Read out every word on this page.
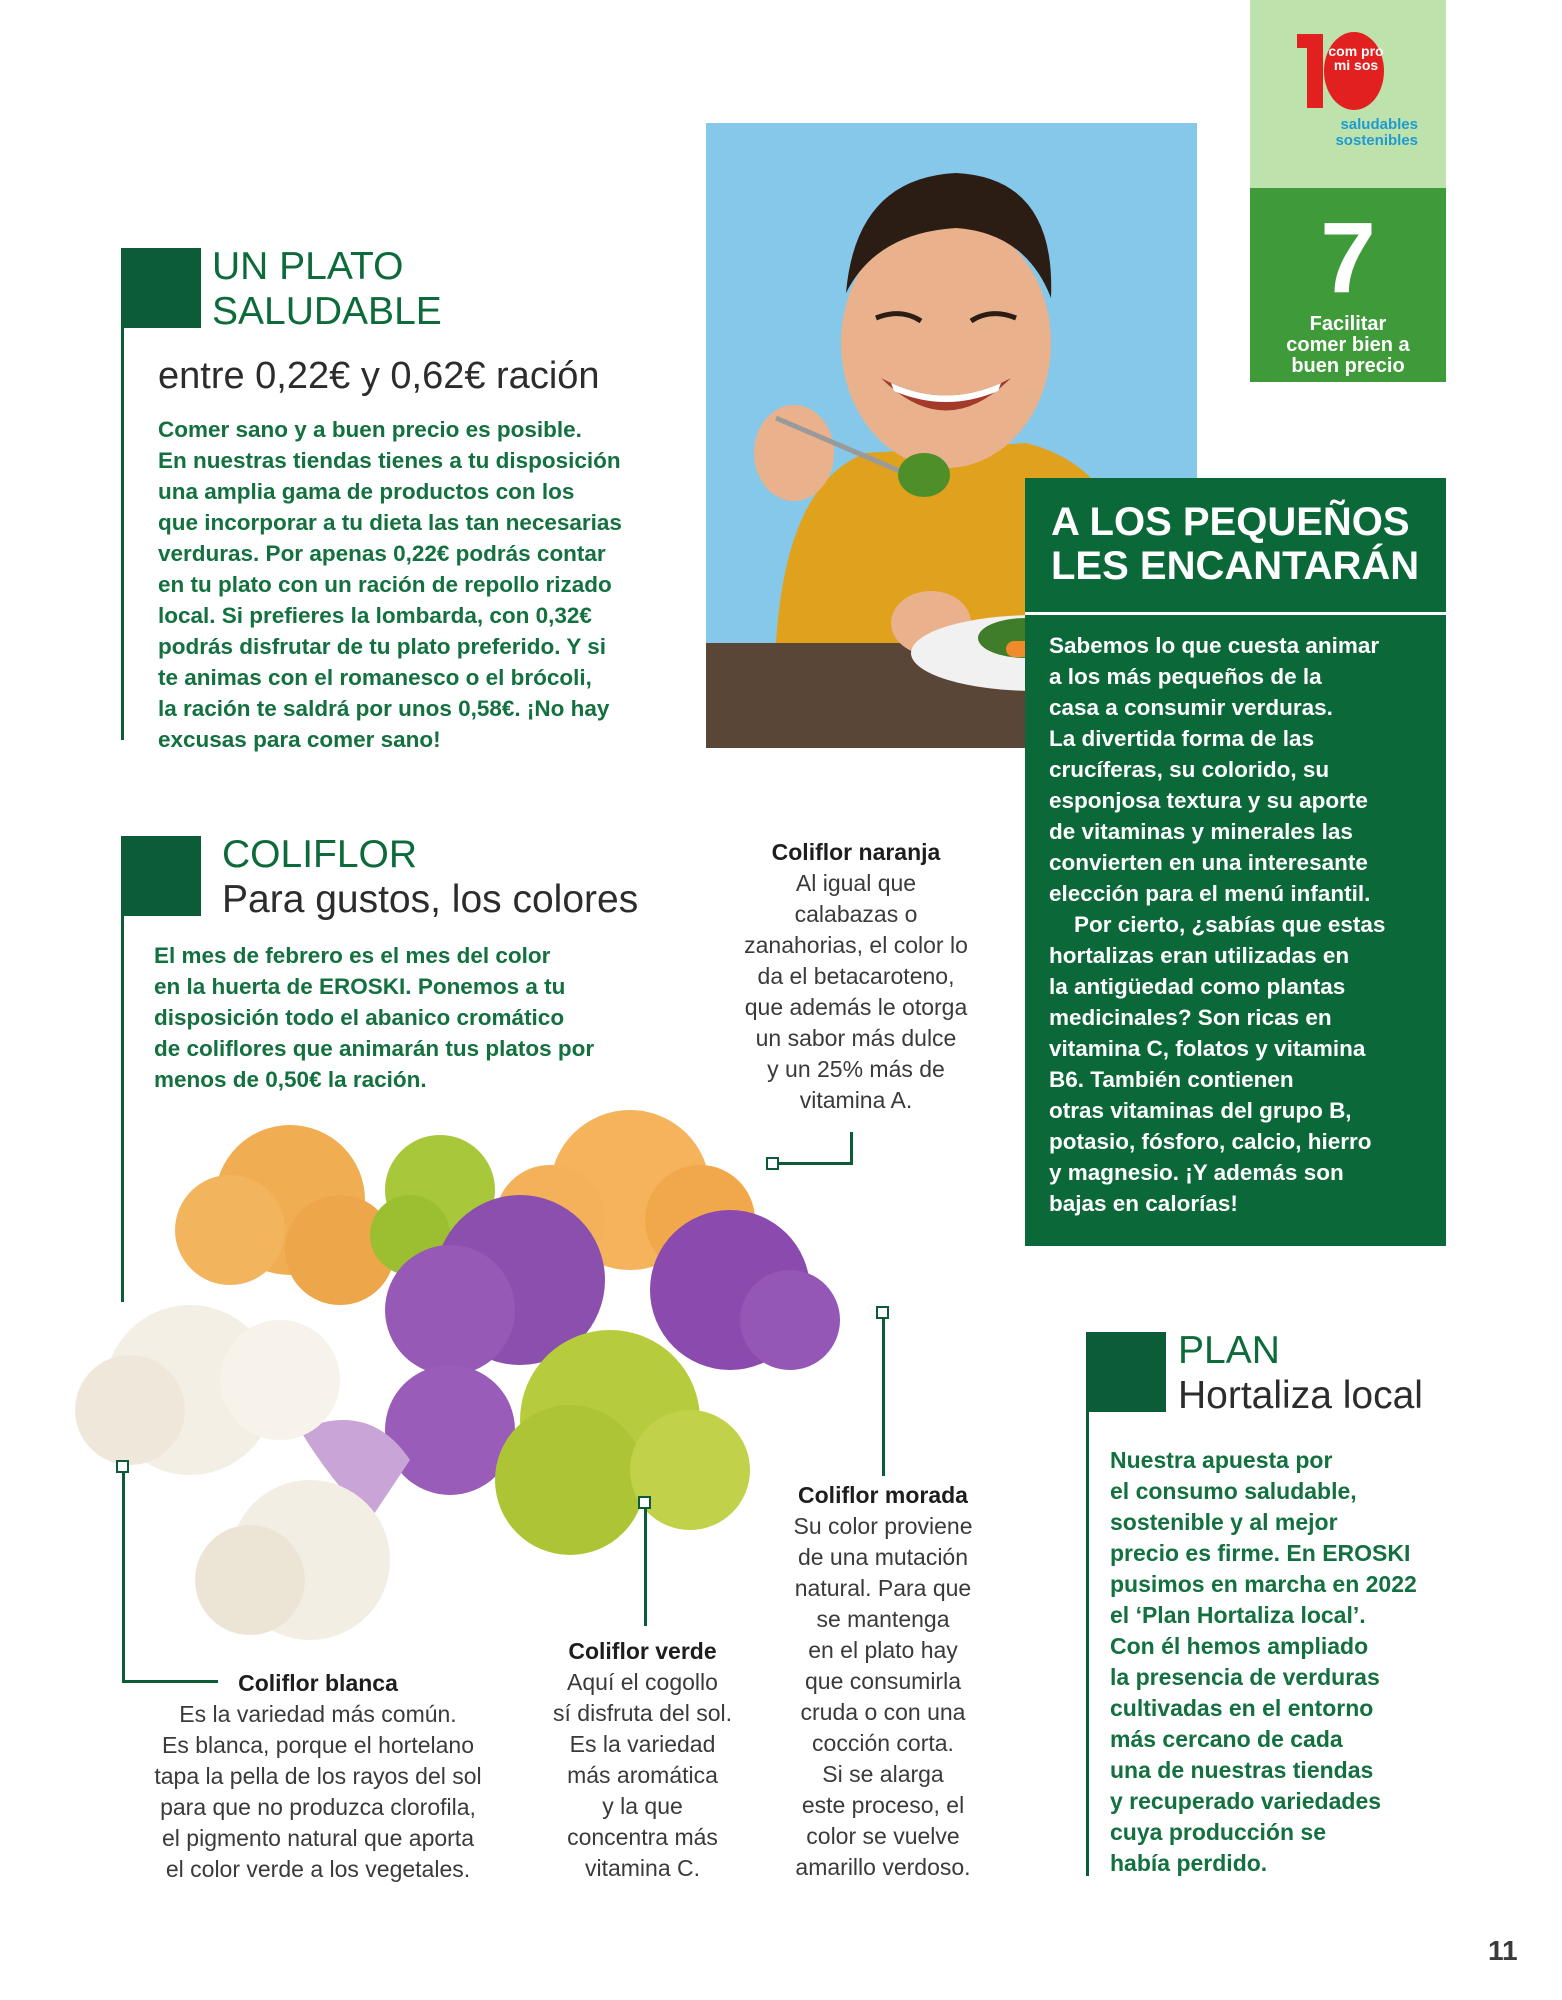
com pro mi sos
saludables
sostenibles
7
Facilitar
comer bien a
buen precio
UN PLATO
SALUDABLE
entre 0,22€ y 0,62€ ración
Comer sano y a buen precio es posible.
En nuestras tiendas tienes a tu disposición
una amplia gama de productos con los
que incorporar a tu dieta las tan necesarias
verduras. Por apenas 0,22€ podrás contar
en tu plato con un ración de repollo rizado
local. Si prefieres la lombarda, con 0,32€
podrás disfrutar de tu plato preferido. Y si
te animas con el romanesco o el brócoli,
la ración te saldrá por unos 0,58€. ¡No hay
excusas para comer sano!
A LOS PEQUEÑOS
LES ENCANTARÁN
Sabemos lo que cuesta animar
a los más pequeños de la
casa a consumir verduras.
La divertida forma de las
crucíferas, su colorido, su
esponjosa textura y su aporte
de vitaminas y minerales las
convierten en una interesante
elección para el menú infantil.
Por cierto, ¿sabías que estas
hortalizas eran utilizadas en
la antigüedad como plantas
medicinales? Son ricas en
vitamina C, folatos y vitamina
B6. También contienen
otras vitaminas del grupo B,
potasio, fósforo, calcio, hierro
y magnesio. ¡Y además son
bajas en calorías!
COLIFLOR
Para gustos, los colores
El mes de febrero es el mes del color
en la huerta de EROSKI. Ponemos a tu
disposición todo el abanico cromático
de coliflores que animarán tus platos por
menos de 0,50€ la ración.
Coliflor naranja
Al igual que
calabazas o
zanahorias, el color lo
da el betacaroteno,
que además le otorga
un sabor más dulce
y un 25% más de
vitamina A.
Coliflor blanca
Es la variedad más común.
Es blanca, porque el hortelano
tapa la pella de los rayos del sol
para que no produzca clorofila,
el pigmento natural que aporta
el color verde a los vegetales.
Coliflor verde
Aquí el cogollo
sí disfruta del sol.
Es la variedad
más aromática
y la que
concentra más
vitamina C.
Coliflor morada
Su color proviene
de una mutación
natural. Para que
se mantenga
en el plato hay
que consumirla
cruda o con una
cocción corta.
Si se alarga
este proceso, el
color se vuelve
amarillo verdoso.
PLAN
Hortaliza local
Nuestra apuesta por
el consumo saludable,
sostenible y al mejor
precio es firme. En EROSKI
pusimos en marcha en 2022
el ‘Plan Hortaliza local’.
Con él hemos ampliado
la presencia de verduras
cultivadas en el entorno
más cercano de cada
una de nuestras tiendas
y recuperado variedades
cuya producción se
había perdido.
11
